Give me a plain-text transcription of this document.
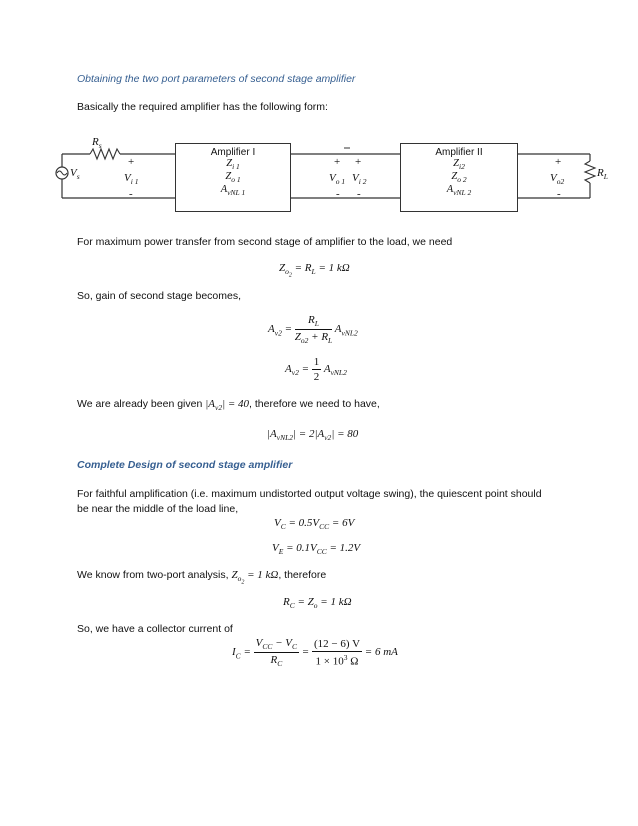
Obtaining the two port parameters of second stage amplifier
Basically the required amplifier has the following form:
$R_s$
$V_s$
+
$V_{i 1}$
-
Amplifier I
$Z_{i 1}$
$Z_{o 1}$
$A_{vNL 1}$
+ +
$V_{o 1}$ $V_{i 2}$
- -
Amplifier II
$Z_{i2}$
$Z_{o 2}$
$A_{vNL 2}$
+
$V_{o2}$
-
$R_L$
For maximum power transfer from second stage of amplifier to the load, we need
$Z_{o_2} = R_L = 1$ kΩ
So, gain of second stage becomes,
$A_{v2} = \frac{R_L}{Z_{o2} + R_L} A_{vNL2}$
$A_{v2} = \frac{1}{2} A_{vNL2}$
We are already been given $|A_{v2}| = 40$, therefore we need to have,
$|A_{vNL2}| = 2|A_{v2}| = 80$
Complete Design of second stage amplifier
For faithful amplification (i.e. maximum undistorted output voltage swing), the quiescent point should
be near the middle of the load line,
$V_C = 0.5V_{CC} = 6V$
$V_E = 0.1V_{CC} = 1.2V$
We know from two-port analysis, $Z_{o_2} = 1$ kΩ, therefore
$R_C = Z_o = 1$ kΩ
So, we have a collector current of
$I_C = \frac{V_{CC} - V_C}{R_C} = \frac{(12 - 6) V}{1 \times 10^3 \Omega} = 6$ mA
